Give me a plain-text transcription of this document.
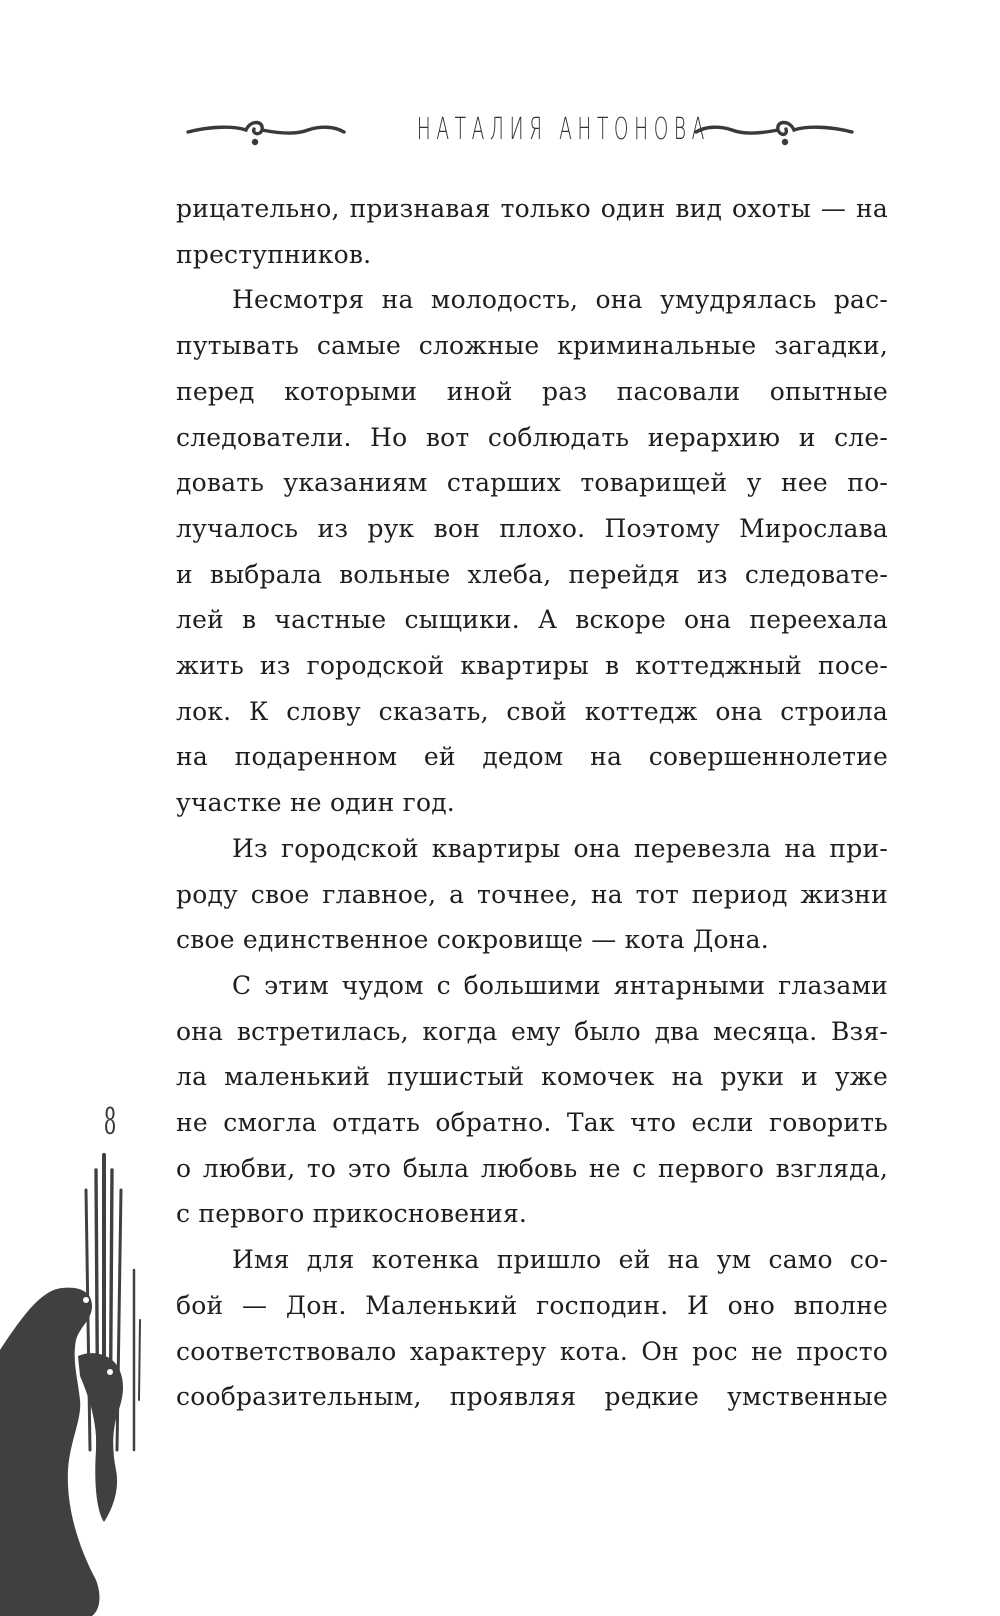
НАТАЛИЯ АНТОНОВА

рицательно, признавая только один вид охоты — на

преступников.

Несмотря на молодость, она умудрялась рас-

путывать самые сложные криминальные загадки,

перед которыми иной раз пасовали опытные

следователи. Но вот соблюдать иерархию и сле-

довать указаниям старших товарищей у нее по-

лучалось из рук вон плохо. Поэтому Мирослава

и выбрала вольные хлеба, перейдя из следовате-

лей в частные сыщики. А вскоре она переехала

жить из городской квартиры в коттеджный посе-

лок. К слову сказать, свой коттедж она строила

на подаренном ей дедом на совершеннолетие

участке не один год.

Из городской квартиры она перевезла на при-

роду свое главное, а точнее, на тот период жизни

свое единственное сокровище — кота Дона.

С этим чудом с большими янтарными глазами

она встретилась, когда ему было два месяца. Взя-

ла маленький пушистый комочек на руки и уже

не смогла отдать обратно. Так что если говорить

о любви, то это была любовь не с первого взгляда,

с первого прикосновения.

Имя для котенка пришло ей на ум само со-

бой — Дон. Маленький господин. И оно вполне

соответствовало характеру кота. Он рос не просто

сообразительным, проявляя редкие умственные

8
